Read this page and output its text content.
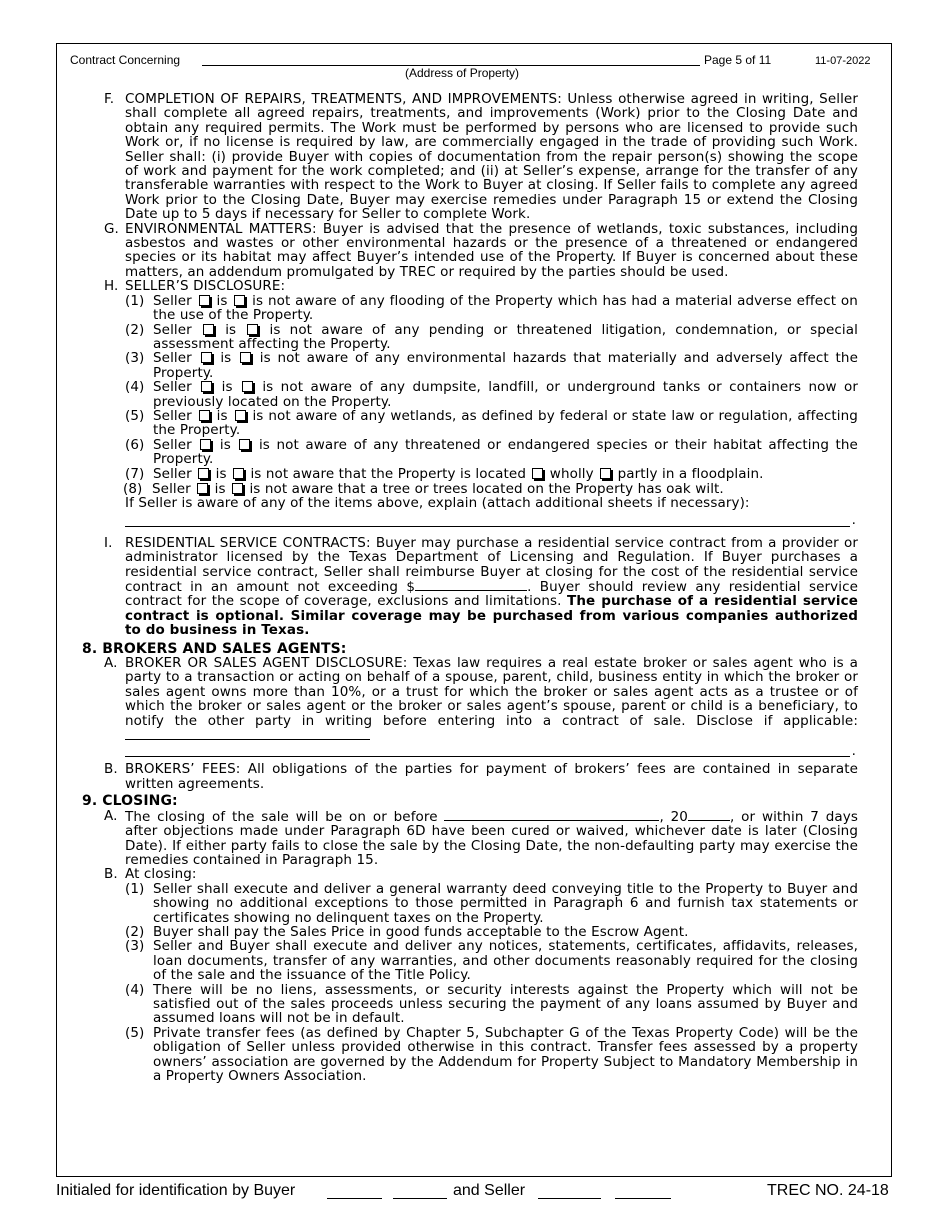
Contract Concerning
(Address of Property)
Page 5 of 11	11-07-2022
F. COMPLETION OF REPAIRS, TREATMENTS, AND IMPROVEMENTS: Unless otherwise agreed in writing, Seller shall complete all agreed repairs, treatments, and improvements (Work) prior to the Closing Date and obtain any required permits. The Work must be performed by persons who are licensed to provide such Work or, if no license is required by law, are commercially engaged in the trade of providing such Work. Seller shall: (i) provide Buyer with copies of documentation from the repair person(s) showing the scope of work and payment for the work completed; and (ii) at Seller’s expense, arrange for the transfer of any transferable warranties with respect to the Work to Buyer at closing. If Seller fails to complete any agreed Work prior to the Closing Date, Buyer may exercise remedies under Paragraph 15 or extend the Closing Date up to 5 days if necessary for Seller to complete Work.
G. ENVIRONMENTAL MATTERS: Buyer is advised that the presence of wetlands, toxic substances, including asbestos and wastes or other environmental hazards or the presence of a threatened or endangered species or its habitat may affect Buyer’s intended use of the Property. If Buyer is concerned about these matters, an addendum promulgated by TREC or required by the parties should be used.
H. SELLER’S DISCLOSURE:
(1) Seller is is not aware of any flooding of the Property which has had a material adverse effect on the use of the Property.
(2) Seller is is not aware of any pending or threatened litigation, condemnation, or special assessment affecting the Property.
(3) Seller is is not aware of any environmental hazards that materially and adversely affect the Property.
(4) Seller is is not aware of any dumpsite, landfill, or underground tanks or containers now or previously located on the Property.
(5) Seller is is not aware of any wetlands, as defined by federal or state law or regulation, affecting the Property.
(6) Seller is is not aware of any threatened or endangered species or their habitat affecting the Property.
(7) Seller is is not aware that the Property is located wholly partly in a floodplain.
(8) Seller is is not aware that a tree or trees located on the Property has oak wilt.
If Seller is aware of any of the items above, explain (attach additional sheets if necessary):
.
I. RESIDENTIAL SERVICE CONTRACTS: Buyer may purchase a residential service contract from a provider or administrator licensed by the Texas Department of Licensing and Regulation. If Buyer purchases a residential service contract, Seller shall reimburse Buyer at closing for the cost of the residential service contract in an amount not exceeding $	. Buyer should review any residential service contract for the scope of coverage, exclusions and limitations. The purchase of a residential service contract is optional. Similar coverage may be purchased from various companies authorized to do business in Texas.
8. BROKERS AND SALES AGENTS:
A. BROKER OR SALES AGENT DISCLOSURE: Texas law requires a real estate broker or sales agent who is a party to a transaction or acting on behalf of a spouse, parent, child, business entity in which the broker or sales agent owns more than 10%, or a trust for which the broker or sales agent acts as a trustee or of which the broker or sales agent or the broker or sales agent’s spouse, parent or child is a beneficiary, to notify the other party in writing before entering into a contract of sale. Disclose if applicable:
.
B. BROKERS’ FEES: All obligations of the parties for payment of brokers’ fees are contained in separate written agreements.
9. CLOSING:
A. The closing of the sale will be on or before	, 20	, or within 7 days after objections made under Paragraph 6D have been cured or waived, whichever date is later (Closing Date). If either party fails to close the sale by the Closing Date, the non-defaulting party may exercise the remedies contained in Paragraph 15.
B. At closing:
(1) Seller shall execute and deliver a general warranty deed conveying title to the Property to Buyer and showing no additional exceptions to those permitted in Paragraph 6 and furnish tax statements or certificates showing no delinquent taxes on the Property.
(2) Buyer shall pay the Sales Price in good funds acceptable to the Escrow Agent.
(3) Seller and Buyer shall execute and deliver any notices, statements, certificates, affidavits, releases, loan documents, transfer of any warranties, and other documents reasonably required for the closing of the sale and the issuance of the Title Policy.
(4) There will be no liens, assessments, or security interests against the Property which will not be satisfied out of the sales proceeds unless securing the payment of any loans assumed by Buyer and assumed loans will not be in default.
(5) Private transfer fees (as defined by Chapter 5, Subchapter G of the Texas Property Code) will be the obligation of Seller unless provided otherwise in this contract. Transfer fees assessed by a property owners’ association are governed by the Addendum for Property Subject to Mandatory Membership in a Property Owners Association.
Initialed for identification by Buyer	and Seller	TREC NO. 24-18
